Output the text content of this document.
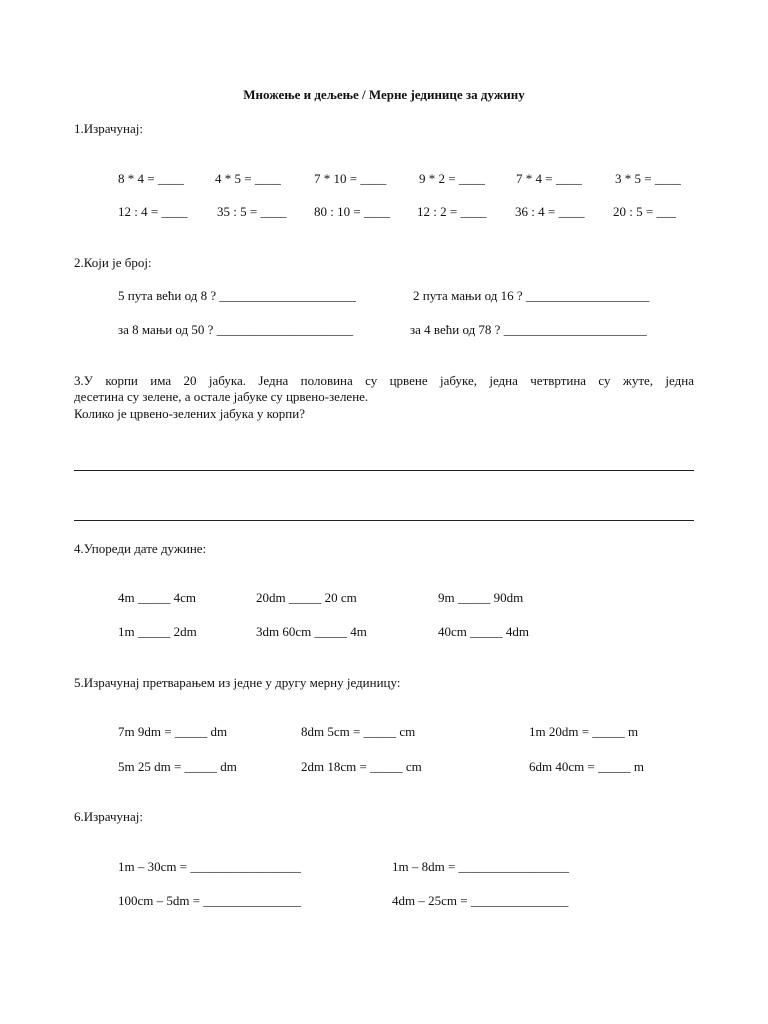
Множење и дељење / Мерне јединице за дужину
1.Израчунај:
8 * 4 = ____ 4 * 5 = ____	7 * 10 = ____	9 * 2 = ____ 7 * 4 = ____	3 * 5 = ____
12 : 4 = ____ 35 : 5 = ____ 80 : 10 = ____ 12 : 2 = ____ 36 : 4 = ____ 20 : 5 = ___
2.Који је број:
5 пута већи од 8 ? _____________________	2 пута мањи од 16 ? ___________________
за 8 мањи од 50 ? _____________________	за 4 већи од 78 ? ______________________
3.У корпи има 20 јабука. Једна половина су црвене јабуке, једна четвртина су жуте, једна
десетина су зелене, а остале јабуке су црвено-зелене.
Колико је црвено-зелених јабука у корпи?
4.Упореди дате дужине:
4m _____ 4cm	20dm _____ 20 cm	9m _____ 90dm
1m _____ 2dm	3dm 60cm _____ 4m	40cm _____ 4dm
5.Израчунај претварањем из једне у другу мерну јединицу:
7m 9dm = _____ dm	8dm 5cm = _____ cm	1m 20dm = _____ m
5m 25 dm = _____ dm	2dm 18cm = _____ cm	6dm 40cm = _____ m
6.Израчунај:
1m – 30cm = _________________	1m – 8dm = _________________
100cm – 5dm = _______________	4dm – 25cm = _______________
